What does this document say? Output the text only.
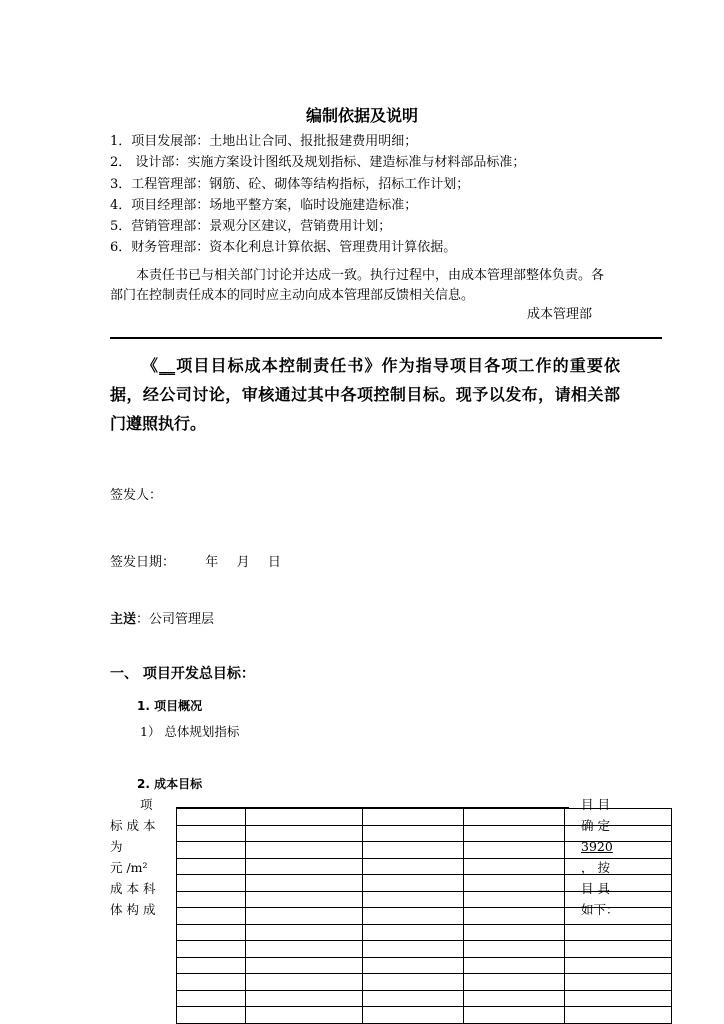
编制依据及说明
1．项目发展部：土地出让合同、报批报建费用明细；
2． 设计部：实施方案设计图纸及规划指标、建造标准与材料部品标准；
3．工程管理部：钢筋、砼、砌体等结构指标，招标工作计划；
4．项目经理部：场地平整方案，临时设施建造标准；
5．营销管理部：景观分区建议，营销费用计划；
6．财务管理部：资本化利息计算依据、管理费用计算依据。
本责任书已与相关部门讨论并达成一致。执行过程中，由成本管理部整体负责。各部门在控制责任成本的同时应主动向成本管理部反馈相关信息。
成本管理部
《__项目目标成本控制责任书》作为指导项目各项工作的重要依据，经公司讨论，审核通过其中各项控制目标。现予以发布，请相关部门遵照执行。
签发人：
签发日期： 年 月 日
主送：公司管理层
一、 项目开发总目标：
1. 项目概况
1） 总体规划指标
2. 成本目标
项
标 成 本
为
元 /m²
成 本 科
体 构 成
目 目
确 定
3920
， 按
目 具
如下：
